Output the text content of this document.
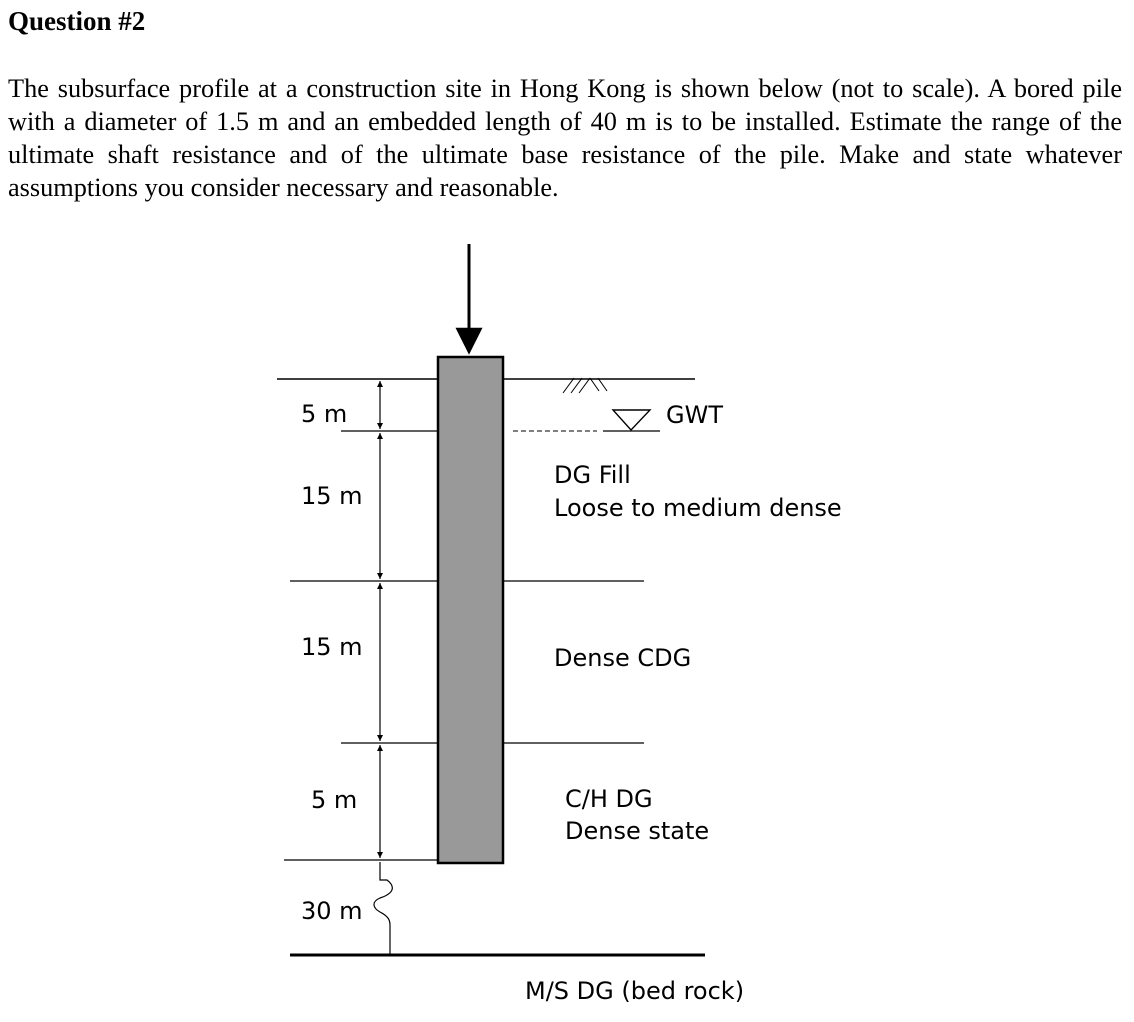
Question #2

The subsurface profile at a construction site in Hong Kong is shown below (not to scale). A bored pile with a diameter of 1.5 m and an embedded length of 40 m is to be installed. Estimate the range of the ultimate shaft resistance and of the ultimate base resistance of the pile. Make and state whatever assumptions you consider necessary and reasonable.

GWT
5 m
15 m
15 m
5 m
30 m
DG Fill
Loose to medium dense
Dense CDG
C/H DG
Dense state
M/S DG (bed rock)
